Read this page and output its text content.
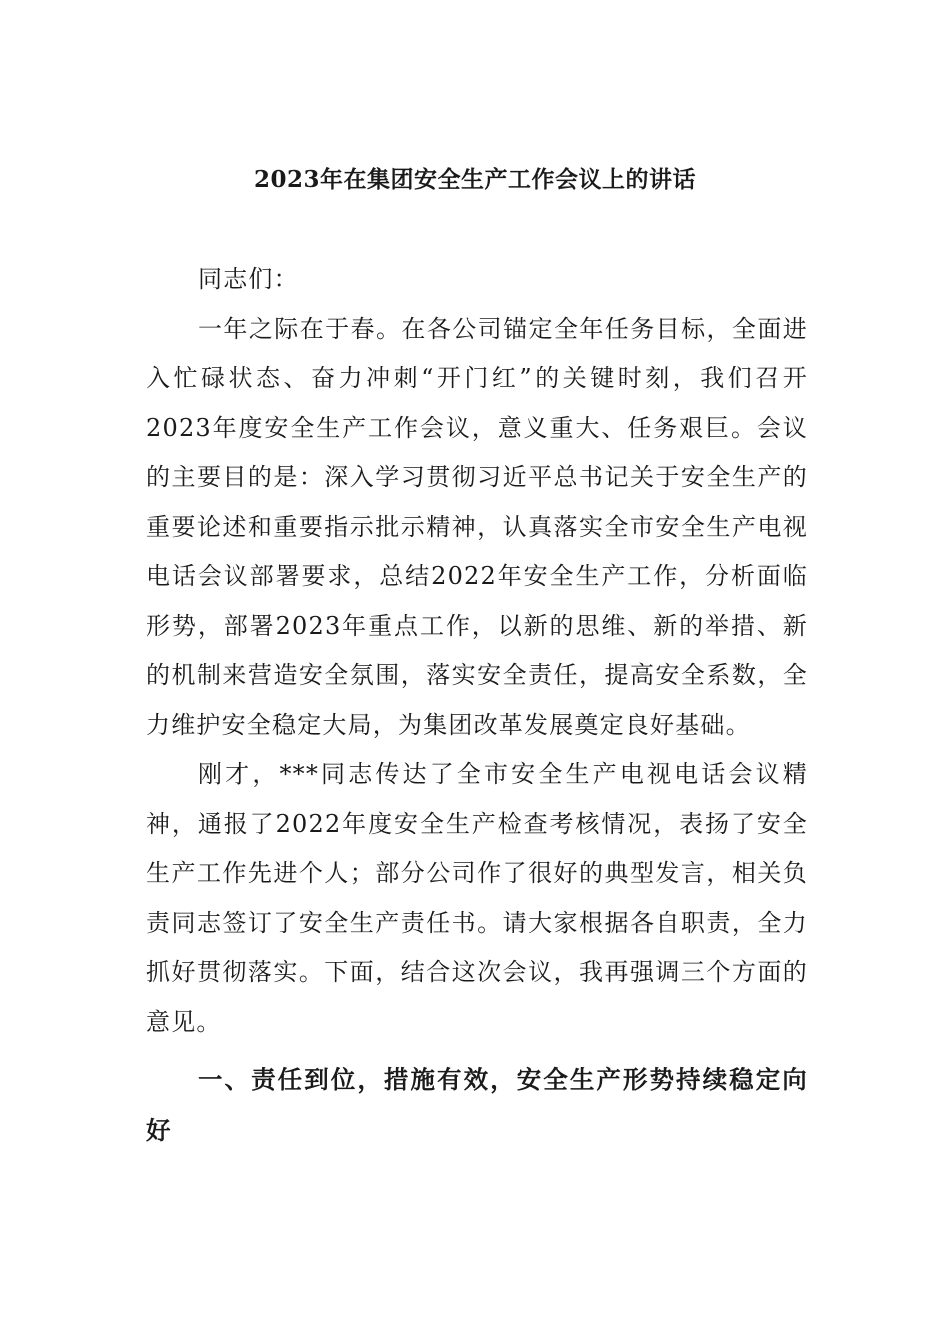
2023年在集团安全生产工作会议上的讲话

同志们：

一年之际在于春。在各公司锚定全年任务目标，全面进入忙碌状态、奋力冲刺“开门红”的关键时刻，我们召开2023年度安全生产工作会议，意义重大、任务艰巨。会议的主要目的是：深入学习贯彻习近平总书记关于安全生产的重要论述和重要指示批示精神，认真落实全市安全生产电视电话会议部署要求，总结2022年安全生产工作，分析面临形势，部署2023年重点工作，以新的思维、新的举措、新的机制来营造安全氛围，落实安全责任，提高安全系数，全力维护安全稳定大局，为集团改革发展奠定良好基础。

刚才，***同志传达了全市安全生产电视电话会议精神，通报了2022年度安全生产检查考核情况，表扬了安全生产工作先进个人；部分公司作了很好的典型发言，相关负责同志签订了安全生产责任书。请大家根据各自职责，全力抓好贯彻落实。下面，结合这次会议，我再强调三个方面的意见。

一、责任到位，措施有效，安全生产形势持续稳定向好
